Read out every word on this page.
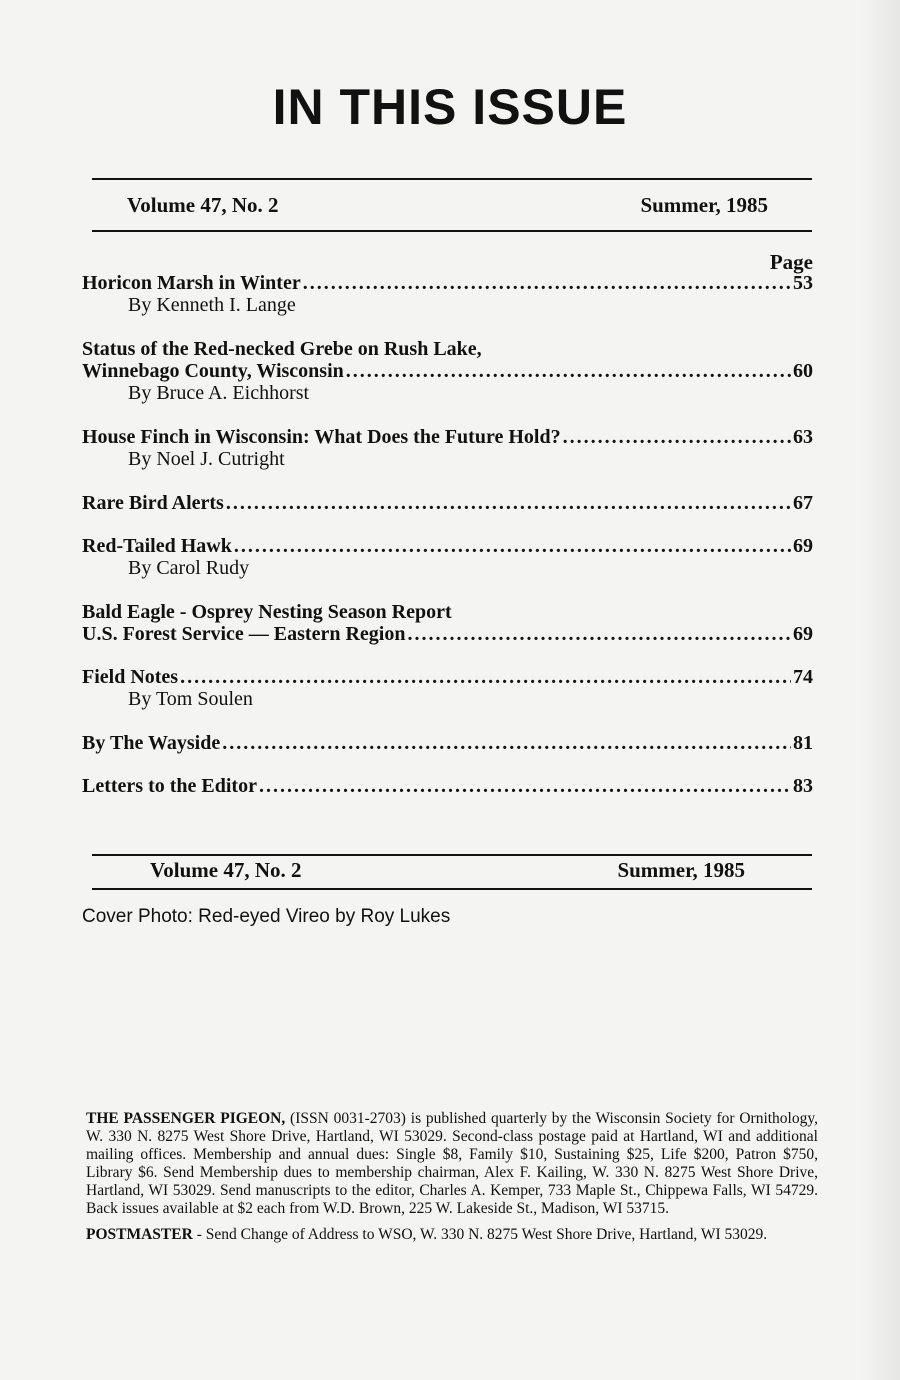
IN THIS ISSUE
Volume 47, No. 2	Summer, 1985
Page
Horicon Marsh in Winter .....	53
By Kenneth I. Lange
Status of the Red-necked Grebe on Rush Lake,
Winnebago County, Wisconsin .....	60
By Bruce A. Eichhorst
House Finch in Wisconsin: What Does the Future Hold? .....	63
By Noel J. Cutright
Rare Bird Alerts .....	67
Red-Tailed Hawk .....	69
By Carol Rudy
Bald Eagle - Osprey Nesting Season Report
U.S. Forest Service — Eastern Region .....	69
Field Notes .....	74
By Tom Soulen
By The Wayside .....	81
Letters to the Editor .....	83
Volume 47, No. 2	Summer, 1985
Cover Photo: Red-eyed Vireo by Roy Lukes

THE PASSENGER PIGEON, (ISSN 0031-2703) is published quarterly by the Wisconsin Society for Ornithology, W. 330 N. 8275 West Shore Drive, Hartland, WI 53029. Second-class postage paid at Hartland, WI and additional mailing offices. Membership and annual dues: Single $8, Family $10, Sustaining $25, Life $200, Patron $750, Library $6. Send Membership dues to membership chairman, Alex F. Kailing, W. 330 N. 8275 West Shore Drive, Hartland, WI 53029. Send manuscripts to the editor, Charles A. Kemper, 733 Maple St., Chippewa Falls, WI 54729. Back issues available at $2 each from W.D. Brown, 225 W. Lakeside St., Madison, WI 53715.

POSTMASTER - Send Change of Address to WSO, W. 330 N. 8275 West Shore Drive, Hartland, WI 53029.
